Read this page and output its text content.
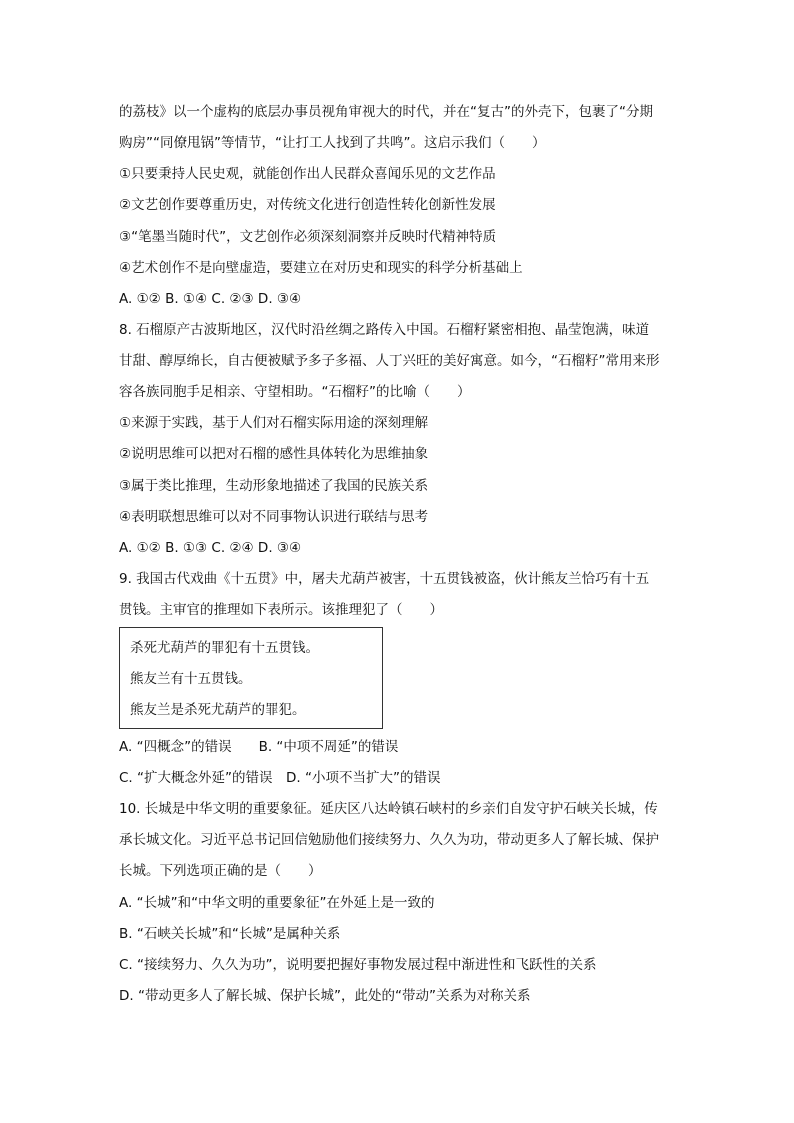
的荔枝》以一个虚构的底层办事员视角审视大的时代，并在“复古”的外壳下，包裹了“分期
购房”“同僚甩锅”等情节，“让打工人找到了共鸣”。这启示我们（　　）
①只要秉持人民史观，就能创作出人民群众喜闻乐见的文艺作品
②文艺创作要尊重历史，对传统文化进行创造性转化创新性发展
③“笔墨当随时代”，文艺创作必须深刻洞察并反映时代精神特质
④艺术创作不是向壁虚造，要建立在对历史和现实的科学分析基础上
A. ①② B. ①④ C. ②③ D. ③④
8. 石榴原产古波斯地区，汉代时沿丝绸之路传入中国。石榴籽紧密相抱、晶莹饱满，味道
甘甜、醇厚绵长，自古便被赋予多子多福、人丁兴旺的美好寓意。如今，“石榴籽”常用来形
容各族同胞手足相亲、守望相助。“石榴籽”的比喻（　　）
①来源于实践，基于人们对石榴实际用途的深刻理解
②说明思维可以把对石榴的感性具体转化为思维抽象
③属于类比推理，生动形象地描述了我国的民族关系
④表明联想思维可以对不同事物认识进行联结与思考
A. ①② B. ①③ C. ②④ D. ③④
9. 我国古代戏曲《十五贯》中，屠夫尤葫芦被害，十五贯钱被盗，伙计熊友兰恰巧有十五
贯钱。主审官的推理如下表所示。该推理犯了（　　）
杀死尤葫芦的罪犯有十五贯钱。
熊友兰有十五贯钱。
熊友兰是杀死尤葫芦的罪犯。
A. “四概念”的错误　　B. “中项不周延”的错误
C. “扩大概念外延”的错误　D. “小项不当扩大”的错误
10. 长城是中华文明的重要象征。延庆区八达岭镇石峡村的乡亲们自发守护石峡关长城，传
承长城文化。习近平总书记回信勉励他们接续努力、久久为功，带动更多人了解长城、保护
长城。下列选项正确的是（　　）
A. “长城”和“中华文明的重要象征”在外延上是一致的
B. “石峡关长城”和“长城”是属种关系
C. “接续努力、久久为功”，说明要把握好事物发展过程中渐进性和飞跃性的关系
D. “带动更多人了解长城、保护长城”，此处的“带动”关系为对称关系
